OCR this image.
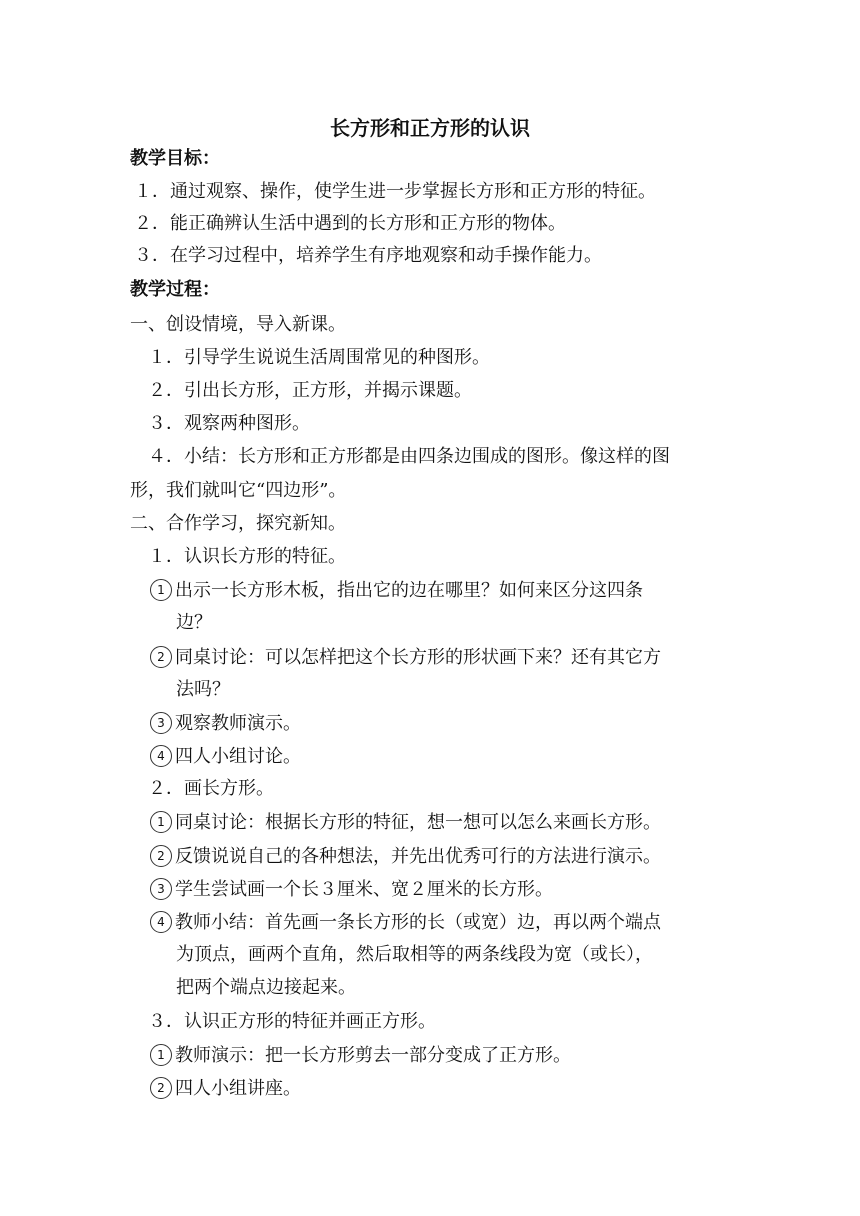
长方形和正方形的认识
教学目标：
１．通过观察、操作，使学生进一步掌握长方形和正方形的特征。
２．能正确辨认生活中遇到的长方形和正方形的物体。
３．在学习过程中，培养学生有序地观察和动手操作能力。
教学过程：
一、创设情境，导入新课。
１．引导学生说说生活周围常见的种图形。
２．引出长方形，正方形，并揭示课题。
３．观察两种图形。
４．小结：长方形和正方形都是由四条边围成的图形。像这样的图
形，我们就叫它“四边形”。
二、合作学习，探究新知。
１．认识长方形的特征。
1 出示一长方形木板，指出它的边在哪里？如何来区分这四条
边？
2 同桌讨论：可以怎样把这个长方形的形状画下来？还有其它方
法吗？
3 观察教师演示。
4 四人小组讨论。
２．画长方形。
1 同桌讨论：根据长方形的特征，想一想可以怎么来画长方形。
2 反馈说说自己的各种想法，并先出优秀可行的方法进行演示。
3 学生尝试画一个长３厘米、宽２厘米的长方形。
4 教师小结：首先画一条长方形的长（或宽）边，再以两个端点
为顶点，画两个直角，然后取相等的两条线段为宽（或长），
把两个端点边接起来。
３．认识正方形的特征并画正方形。
1 教师演示：把一长方形剪去一部分变成了正方形。
2 四人小组讲座。
